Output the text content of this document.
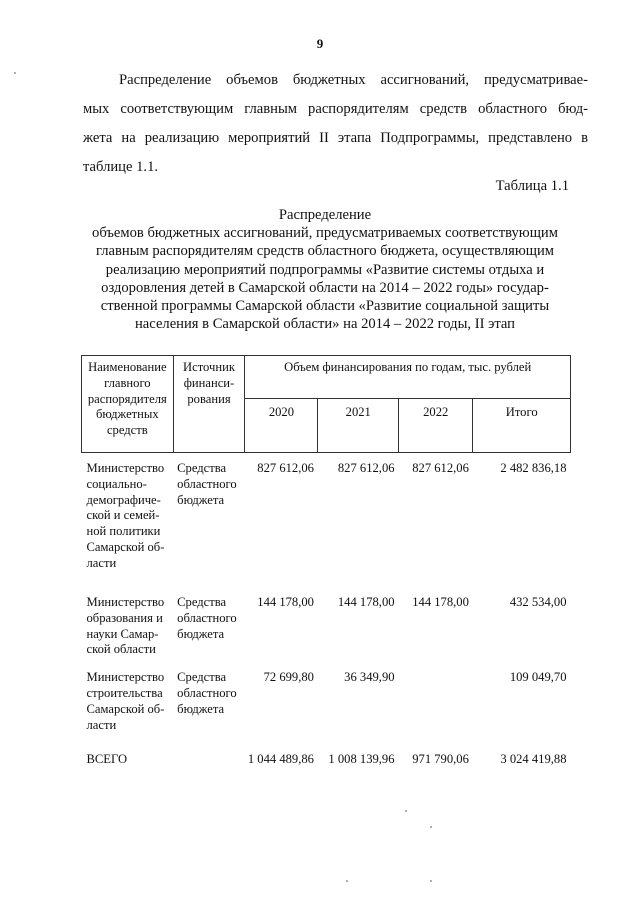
9

Распределение объемов бюджетных ассигнований, предусматривае-
мых соответствующим главным распорядителям средств областного бюд-
жета на реализацию мероприятий II этапа Подпрограммы, представлено в
таблице 1.1.

Таблица 1.1

Распределение
объемов бюджетных ассигнований, предусматриваемых соответствующим
главным распорядителям средств областного бюджета, осуществляющим
реализацию мероприятий подпрограммы «Развитие системы отдыха и
оздоровления детей в Самарской области на 2014 – 2022 годы» государ-
ственной программы Самарской области «Развитие социальной защиты
населения в Самарской области» на 2014 – 2022 годы, II этап

Наименование главного распорядителя бюджетных средств	Источник финанси-рования	Объем финансирования по годам, тыс. рублей			
		2020	2021	2022	Итого
Министерство социально-демографиче-ской и семей-ной политики Самарской об-ласти	Средства областного бюджета	827 612,06	827 612,06	827 612,06	2 482 836,18
Министерство образования и науки Самар-ской области	Средства областного бюджета	144 178,00	144 178,00	144 178,00	432 534,00
Министерство строительства Самарской об-ласти	Средства областного бюджета	72 699,80	36 349,90		109 049,70
ВСЕГО		1 044 489,86	1 008 139,96	971 790,06	3 024 419,88
